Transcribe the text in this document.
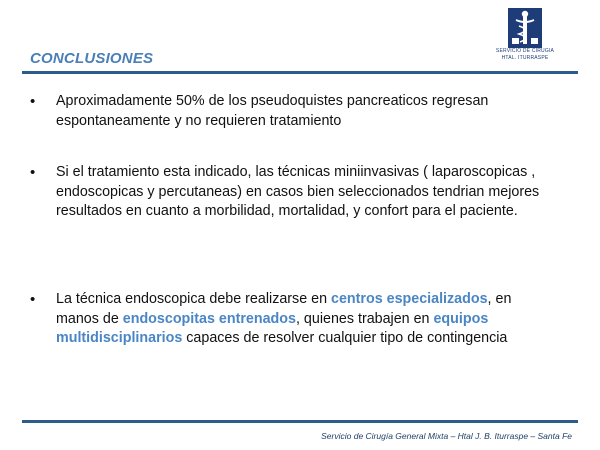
CONCLUSIONES	SERVICIO DE CIRUGIA
HTAL. ITURRASPE
• Aproximadamente 50% de los pseudoquistes pancreaticos regresan espontaneamente y no requieren tratamiento
• Si el tratamiento esta indicado, las técnicas miniinvasivas ( laparoscopicas , endoscopicas y percutaneas) en casos bien seleccionados tendrian mejores resultados en cuanto a morbilidad, mortalidad, y confort para el paciente.
• La técnica endoscopica debe realizarse en centros especializados, en manos de endoscopitas entrenados, quienes trabajen en equipos multidisciplinarios capaces de resolver cualquier tipo de contingencia
Servicio de Cirugía General Mixta – Htal J. B. Iturraspe – Santa Fe
